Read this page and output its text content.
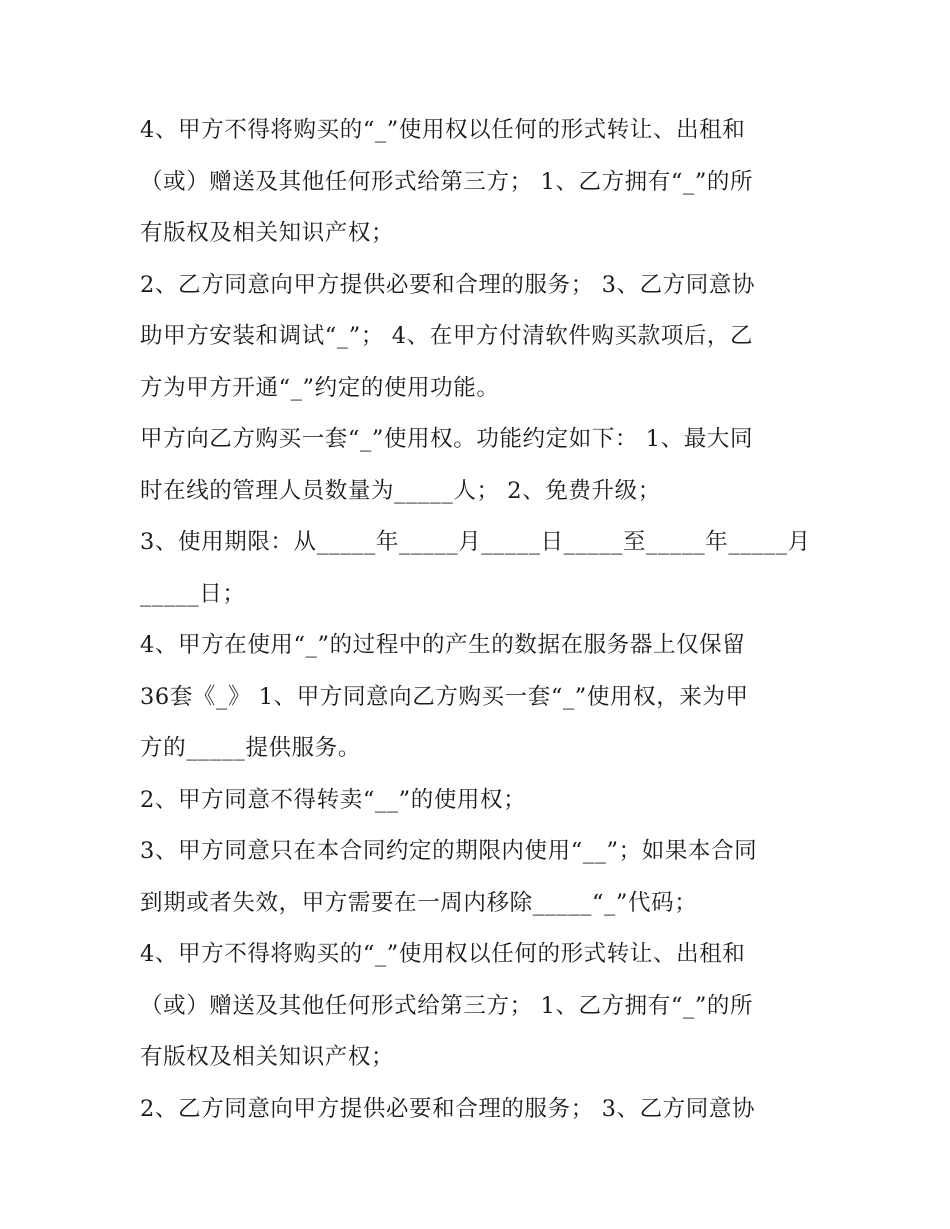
4、甲方不得将购买的“_”使用权以任何的形式转让、出租和
（或）赠送及其他任何形式给第三方； 1、乙方拥有“_”的所
有版权及相关知识产权；
2、乙方同意向甲方提供必要和合理的服务； 3、乙方同意协
助甲方安装和调试“_”； 4、在甲方付清软件购买款项后，乙
方为甲方开通“_”约定的使用功能。
甲方向乙方购买一套“_”使用权。功能约定如下： 1、最大同
时在线的管理人员数量为_____人； 2、免费升级；
3、使用期限：从_____年_____月_____日_____至_____年_____月
_____日；
4、甲方在使用“_”的过程中的产生的数据在服务器上仅保留
36套《_》 1、甲方同意向乙方购买一套“_”使用权，来为甲
方的_____提供服务。
2、甲方同意不得转卖“__”的使用权；
3、甲方同意只在本合同约定的期限内使用“__”；如果本合同
到期或者失效，甲方需要在一周内移除_____“_”代码；
4、甲方不得将购买的“_”使用权以任何的形式转让、出租和
（或）赠送及其他任何形式给第三方； 1、乙方拥有“_”的所
有版权及相关知识产权；
2、乙方同意向甲方提供必要和合理的服务； 3、乙方同意协
